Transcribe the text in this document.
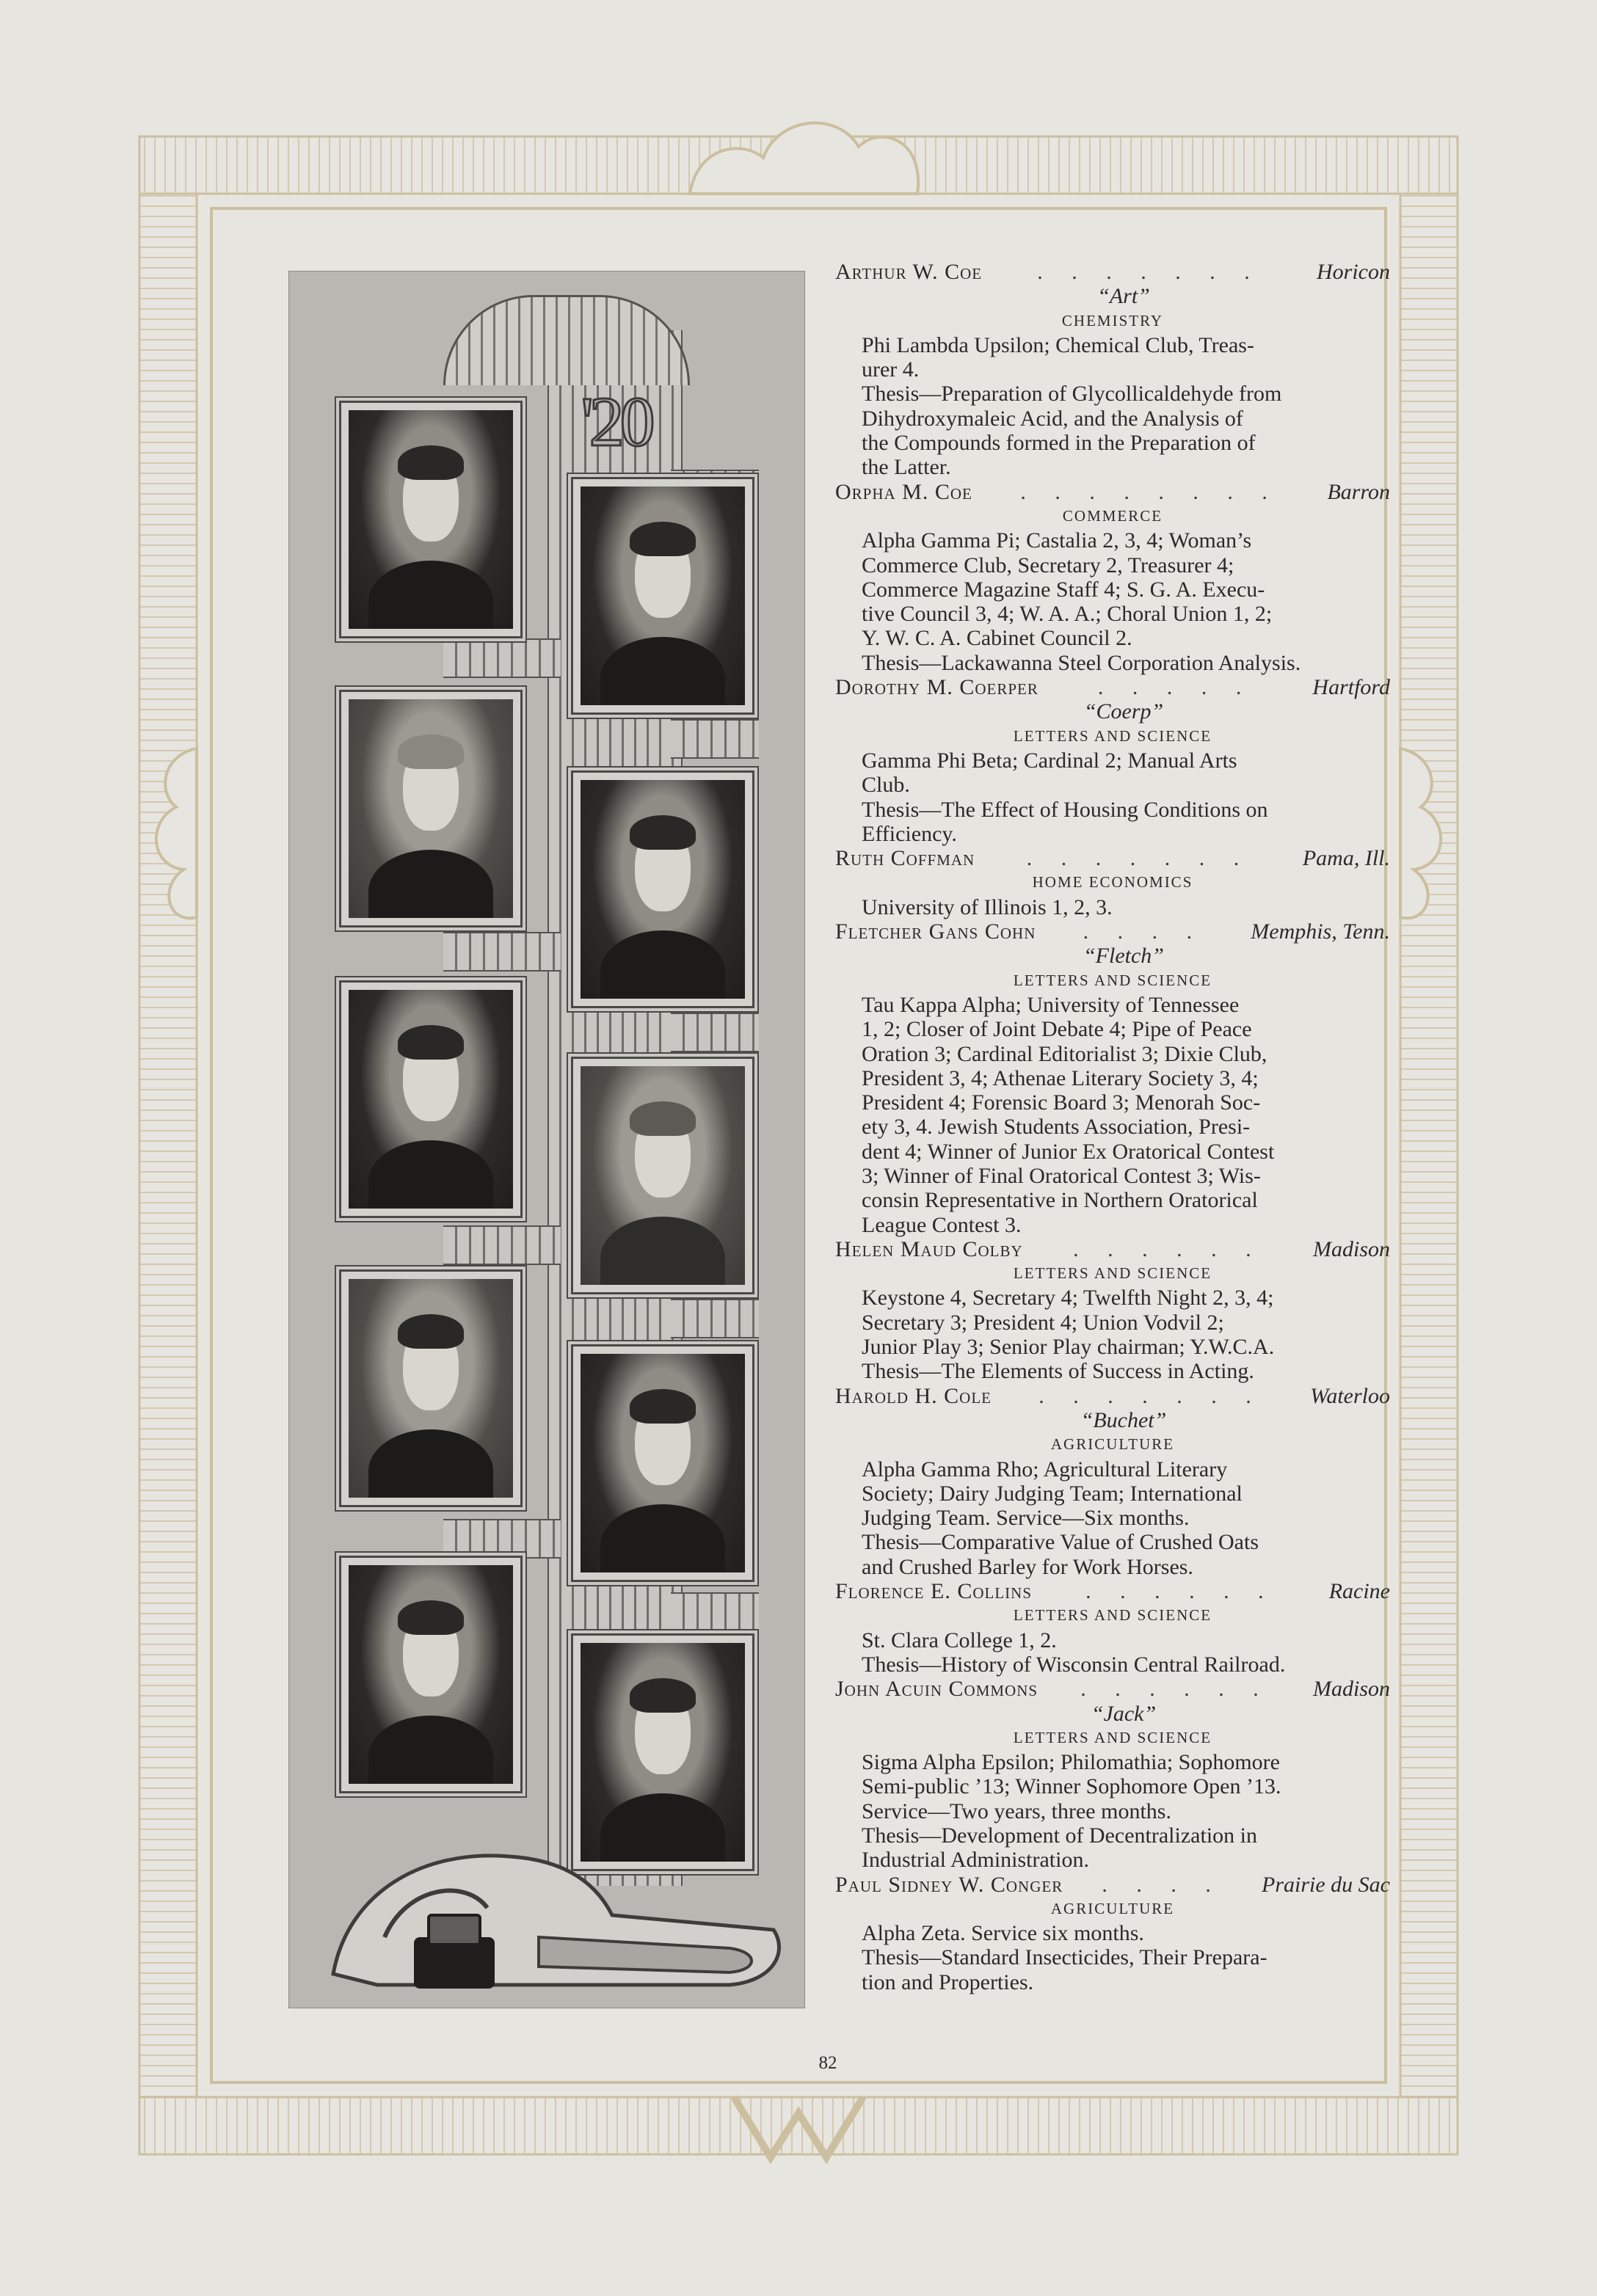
'20
Arthur W. Coe	. . . . . . .	Horicon
“Art”
CHEMISTRY

Phi Lambda Upsilon; Chemical Club, Treas-

urer 4.

Thesis—Preparation of Glycollicaldehyde from

Dihydroxymaleic Acid, and the Analysis of

the Compounds formed in the Preparation of

the Latter.

Orpha M. Coe	. . . . . . . .	Barron
COMMERCE

Alpha Gamma Pi; Castalia 2, 3, 4; Woman’s

Commerce Club, Secretary 2, Treasurer 4;

Commerce Magazine Staff 4; S. G. A. Execu-

tive Council 3, 4; W. A. A.; Choral Union 1, 2;

Y. W. C. A. Cabinet Council 2.

Thesis—Lackawanna Steel Corporation Analysis.

Dorothy M. Coerper	. . . . .	Hartford
“Coerp”
LETTERS AND SCIENCE

Gamma Phi Beta; Cardinal 2; Manual Arts

Club.

Thesis—The Effect of Housing Conditions on

Efficiency.

Ruth Coffman	. . . . . . .	Pama, Ill.
HOME ECONOMICS

University of Illinois 1, 2, 3.

Fletcher Gans Cohn	. . . .	Memphis, Tenn.
“Fletch”
LETTERS AND SCIENCE

Tau Kappa Alpha; University of Tennessee

1, 2; Closer of Joint Debate 4; Pipe of Peace

Oration 3; Cardinal Editorialist 3; Dixie Club,

President 3, 4; Athenae Literary Society 3, 4;

President 4; Forensic Board 3; Menorah Soc-

ety 3, 4. Jewish Students Association, Presi-

dent 4; Winner of Junior Ex Oratorical Contest

3; Winner of Final Oratorical Contest 3; Wis-

consin Representative in Northern Oratorical

League Contest 3.

Helen Maud Colby	. . . . . .	Madison
LETTERS AND SCIENCE

Keystone 4, Secretary 4; Twelfth Night 2, 3, 4;

Secretary 3; President 4; Union Vodvil 2;

Junior Play 3; Senior Play chairman; Y.W.C.A.

Thesis—The Elements of Success in Acting.

Harold H. Cole	. . . . . . .	Waterloo
“Buchet”
AGRICULTURE

Alpha Gamma Rho; Agricultural Literary

Society; Dairy Judging Team; International

Judging Team. Service—Six months.

Thesis—Comparative Value of Crushed Oats

and Crushed Barley for Work Horses.

Florence E. Collins	. . . . . .	Racine
LETTERS AND SCIENCE

St. Clara College 1, 2.

Thesis—History of Wisconsin Central Railroad.

John Acuin Commons	. . . . . .	Madison
“Jack”
LETTERS AND SCIENCE

Sigma Alpha Epsilon; Philomathia; Sophomore

Semi-public ’13; Winner Sophomore Open ’13.

Service—Two years, three months.

Thesis—Development of Decentralization in

Industrial Administration.

Paul Sidney W. Conger	. . . .	Prairie du Sac
AGRICULTURE

Alpha Zeta. Service six months.

Thesis—Standard Insecticides, Their Prepara-

tion and Properties.

82
